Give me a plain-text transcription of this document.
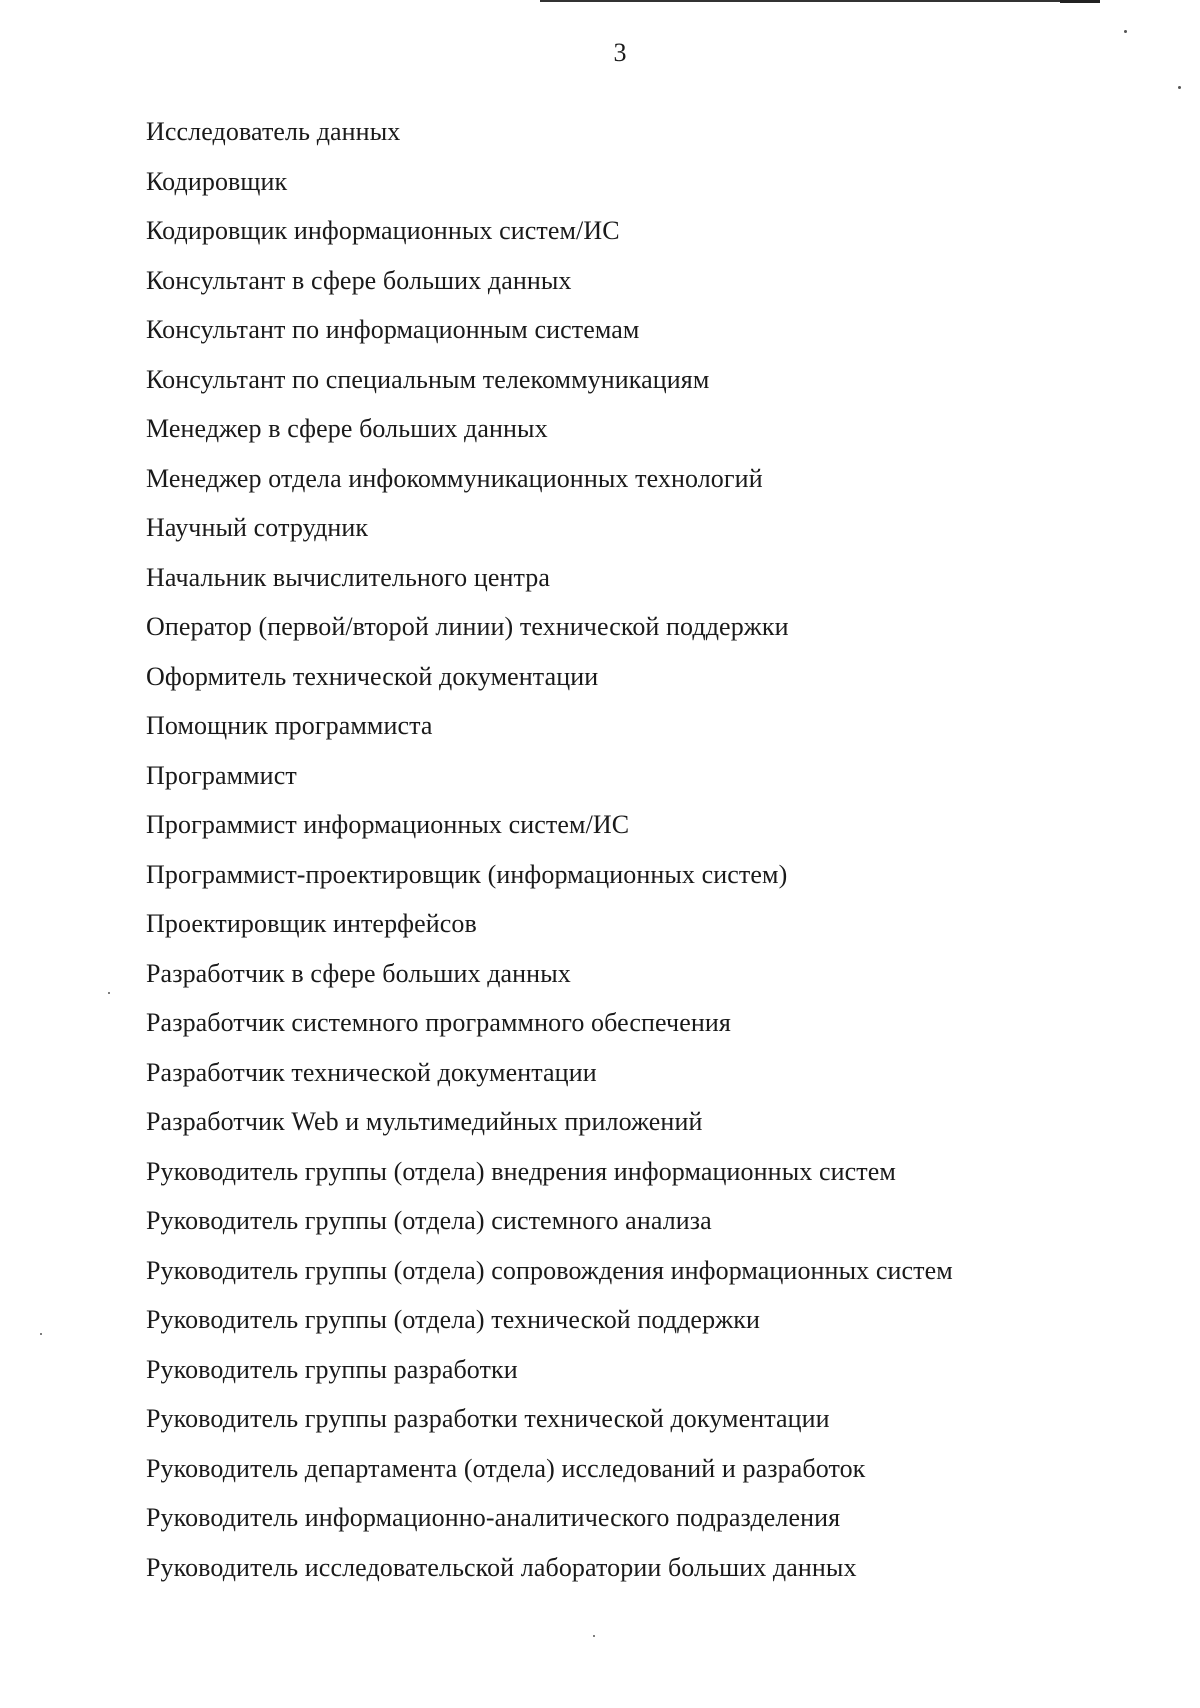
3
Исследователь данных
Кодировщик
Кодировщик информационных систем/ИС
Консультант в сфере больших данных
Консультант по информационным системам
Консультант по специальным телекоммуникациям
Менеджер в сфере больших данных
Менеджер отдела инфокоммуникационных технологий
Научный сотрудник
Начальник вычислительного центра
Оператор (первой/второй линии) технической поддержки
Оформитель технической документации
Помощник программиста
Программист
Программист информационных систем/ИС
Программист-проектировщик (информационных систем)
Проектировщик интерфейсов
Разработчик в сфере больших данных
Разработчик системного программного обеспечения
Разработчик технической документации
Разработчик Web и мультимедийных приложений
Руководитель группы (отдела) внедрения информационных систем
Руководитель группы (отдела) системного анализа
Руководитель группы (отдела) сопровождения информационных систем
Руководитель группы (отдела) технической поддержки
Руководитель группы разработки
Руководитель группы разработки технической документации
Руководитель департамента (отдела) исследований и разработок
Руководитель информационно-аналитического подразделения
Руководитель исследовательской лаборатории больших данных
